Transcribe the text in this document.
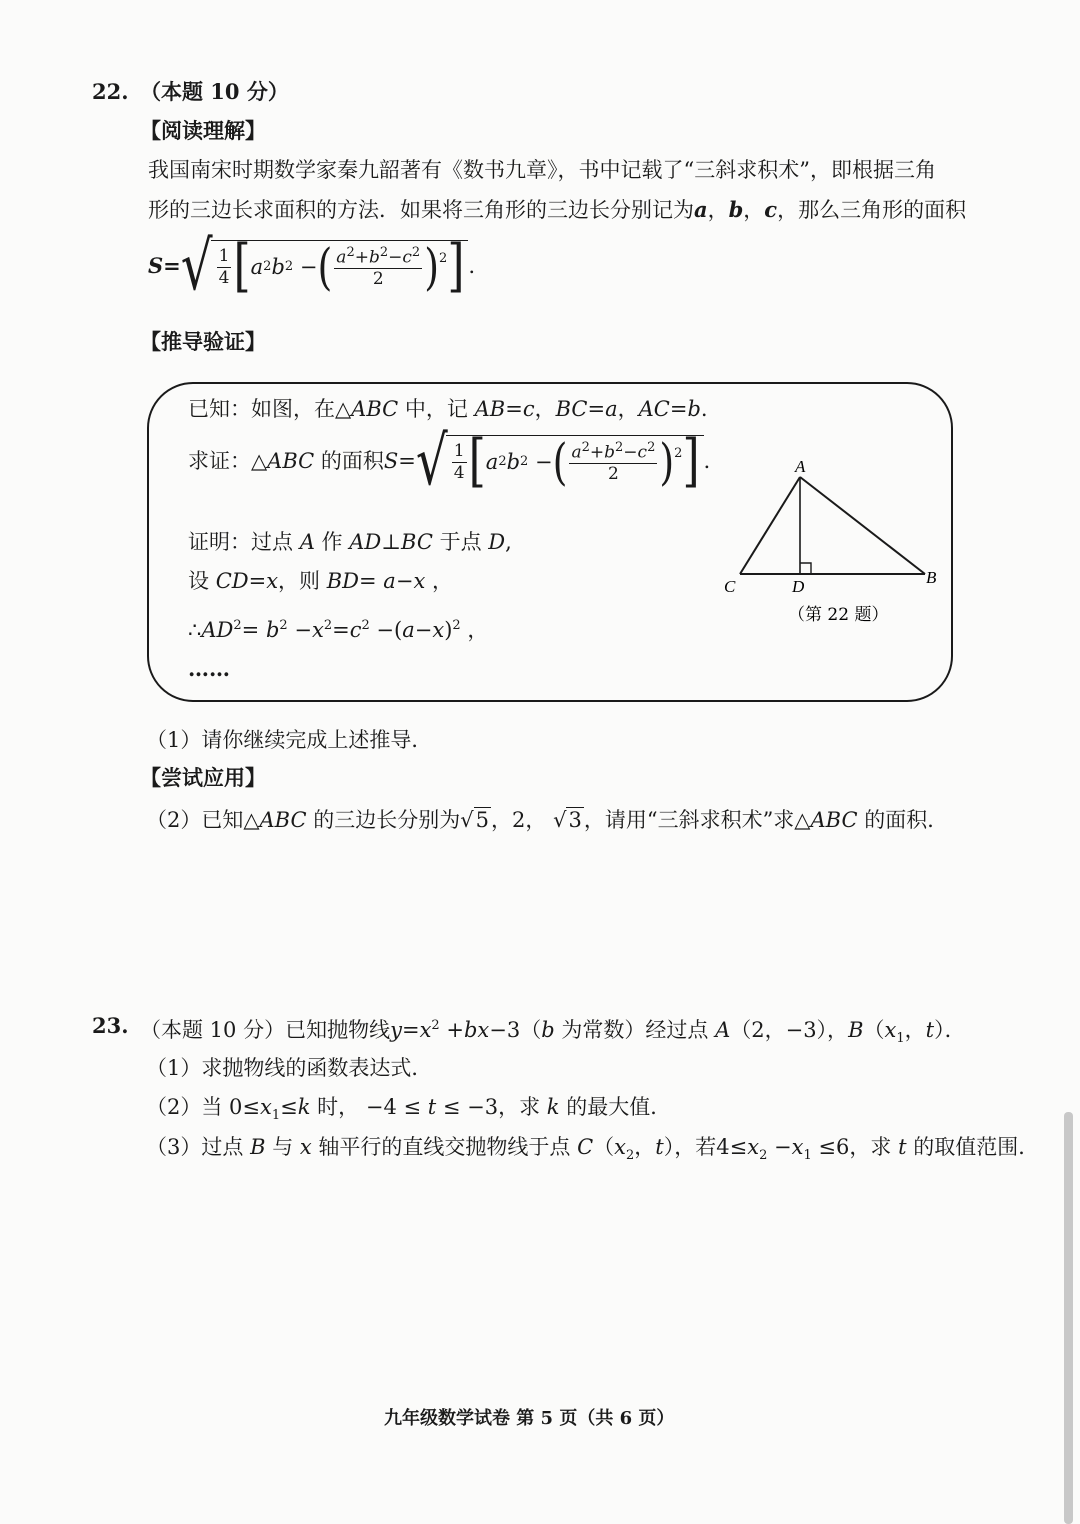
22. （本题 10 分）
【阅读理解】
我国南宋时期数学家秦九韶著有《数书九章》，书中记载了“三斜求积术”，即根据三角
形的三边长求面积的方法．如果将三角形的三边长分别记为a，b，c，那么三角形的面积
S= √ $\frac{1}{4}$ [ a 2 b 2 − ( $\frac{a^2+b^2-c^2}{2} )^2$ ] ．
【推导验证】
已知：如图，在△ABC 中，记 AB=c，BC=a，AC=b.
求证：△ ABC
的面积 S = √ $\frac{1}{4}$ [ a 2 b 2 − ( $\frac{a^2+b^2-c^2}{2} )^2$ ] ．
证明：过点 A 作 AD⊥BC 于点 D,
设 CD=x，则 BD= a−x ，
$\therefore AD^2= b^2 -x^2=c^2 -(a-x)^2$ ，
……
A
C	B
D
（第 22 题）
（1）请你继续完成上述推导．
【尝试应用】
（2）已知△ABC 的三边长分别为√5，2， √3，请用“三斜求积术”求△ABC 的面积．
23. （本题 10 分）已知抛物线$y=x^2 +bx-3(b$ 为常数）经过点 A（2，−3），$B(x_1$，t）．
（1）求抛物线的函数表达式．
（2）当 $0\le x_1\le k$ 时， −4 ≤ t ≤ −3，求 k 的最大值．
（3）过点 B 与 x 轴平行的直线交抛物线于点 $C(x_2$，t），若$4\le x_2 -x_1 \le 6$，求 t 的取值范围．
九年级数学试卷 第 5 页（共 6 页）
